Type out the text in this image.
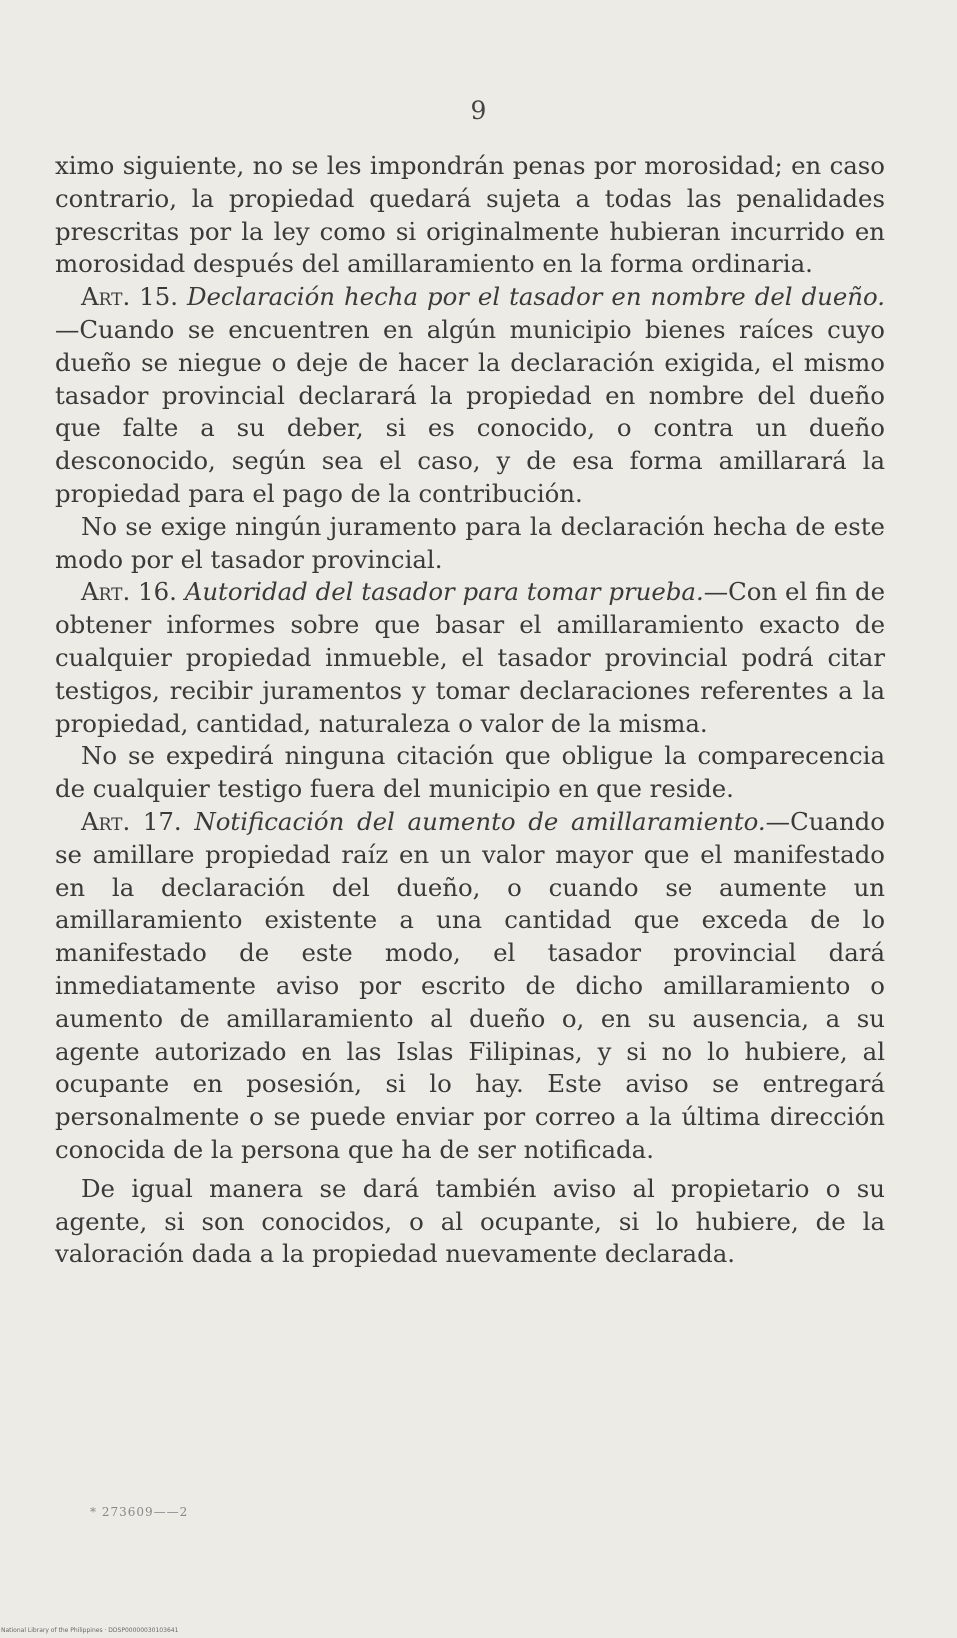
9

ximo siguiente, no se les impondrán penas por morosidad; en caso contrario, la propiedad quedará sujeta a todas las penalidades prescritas por la ley como si originalmente hubieran incurrido en morosidad después del amillaramiento en la forma ordinaria.

Art. 15. Declaración hecha por el tasador en nombre del dueño.—Cuando se encuentren en algún municipio bienes raíces cuyo dueño se niegue o deje de hacer la declaración exigida, el mismo tasador provincial declarará la propiedad en nombre del dueño que falte a su deber, si es conocido, o contra un dueño desconocido, según sea el caso, y de esa forma amillarará la propiedad para el pago de la contribución.

No se exige ningún juramento para la declaración hecha de este modo por el tasador provincial.

Art. 16. Autoridad del tasador para tomar prueba.—Con el fin de obtener informes sobre que basar el amillaramiento exacto de cualquier propiedad inmueble, el tasador provincial podrá citar testigos, recibir juramentos y tomar declaraciones referentes a la propiedad, cantidad, naturaleza o valor de la misma.

No se expedirá ninguna citación que obligue la comparecencia de cualquier testigo fuera del municipio en que reside.

Art. 17. Notificación del aumento de amillaramiento.—Cuando se amillare propiedad raíz en un valor mayor que el manifestado en la declaración del dueño, o cuando se aumente un amillaramiento existente a una cantidad que exceda de lo manifestado de este modo, el tasador provincial dará inmediatamente aviso por escrito de dicho amillaramiento o aumento de amillaramiento al dueño o, en su ausencia, a su agente autorizado en las Islas Filipinas, y si no lo hubiere, al ocupante en posesión, si lo hay. Este aviso se entregará personalmente o se puede enviar por correo a la última dirección conocida de la persona que ha de ser notificada.

De igual manera se dará también aviso al propietario o su agente, si son conocidos, o al ocupante, si lo hubiere, de la valoración dada a la propiedad nuevamente declarada.

* 273609——2
National Library of the Philippines · DDSP00000030103641
